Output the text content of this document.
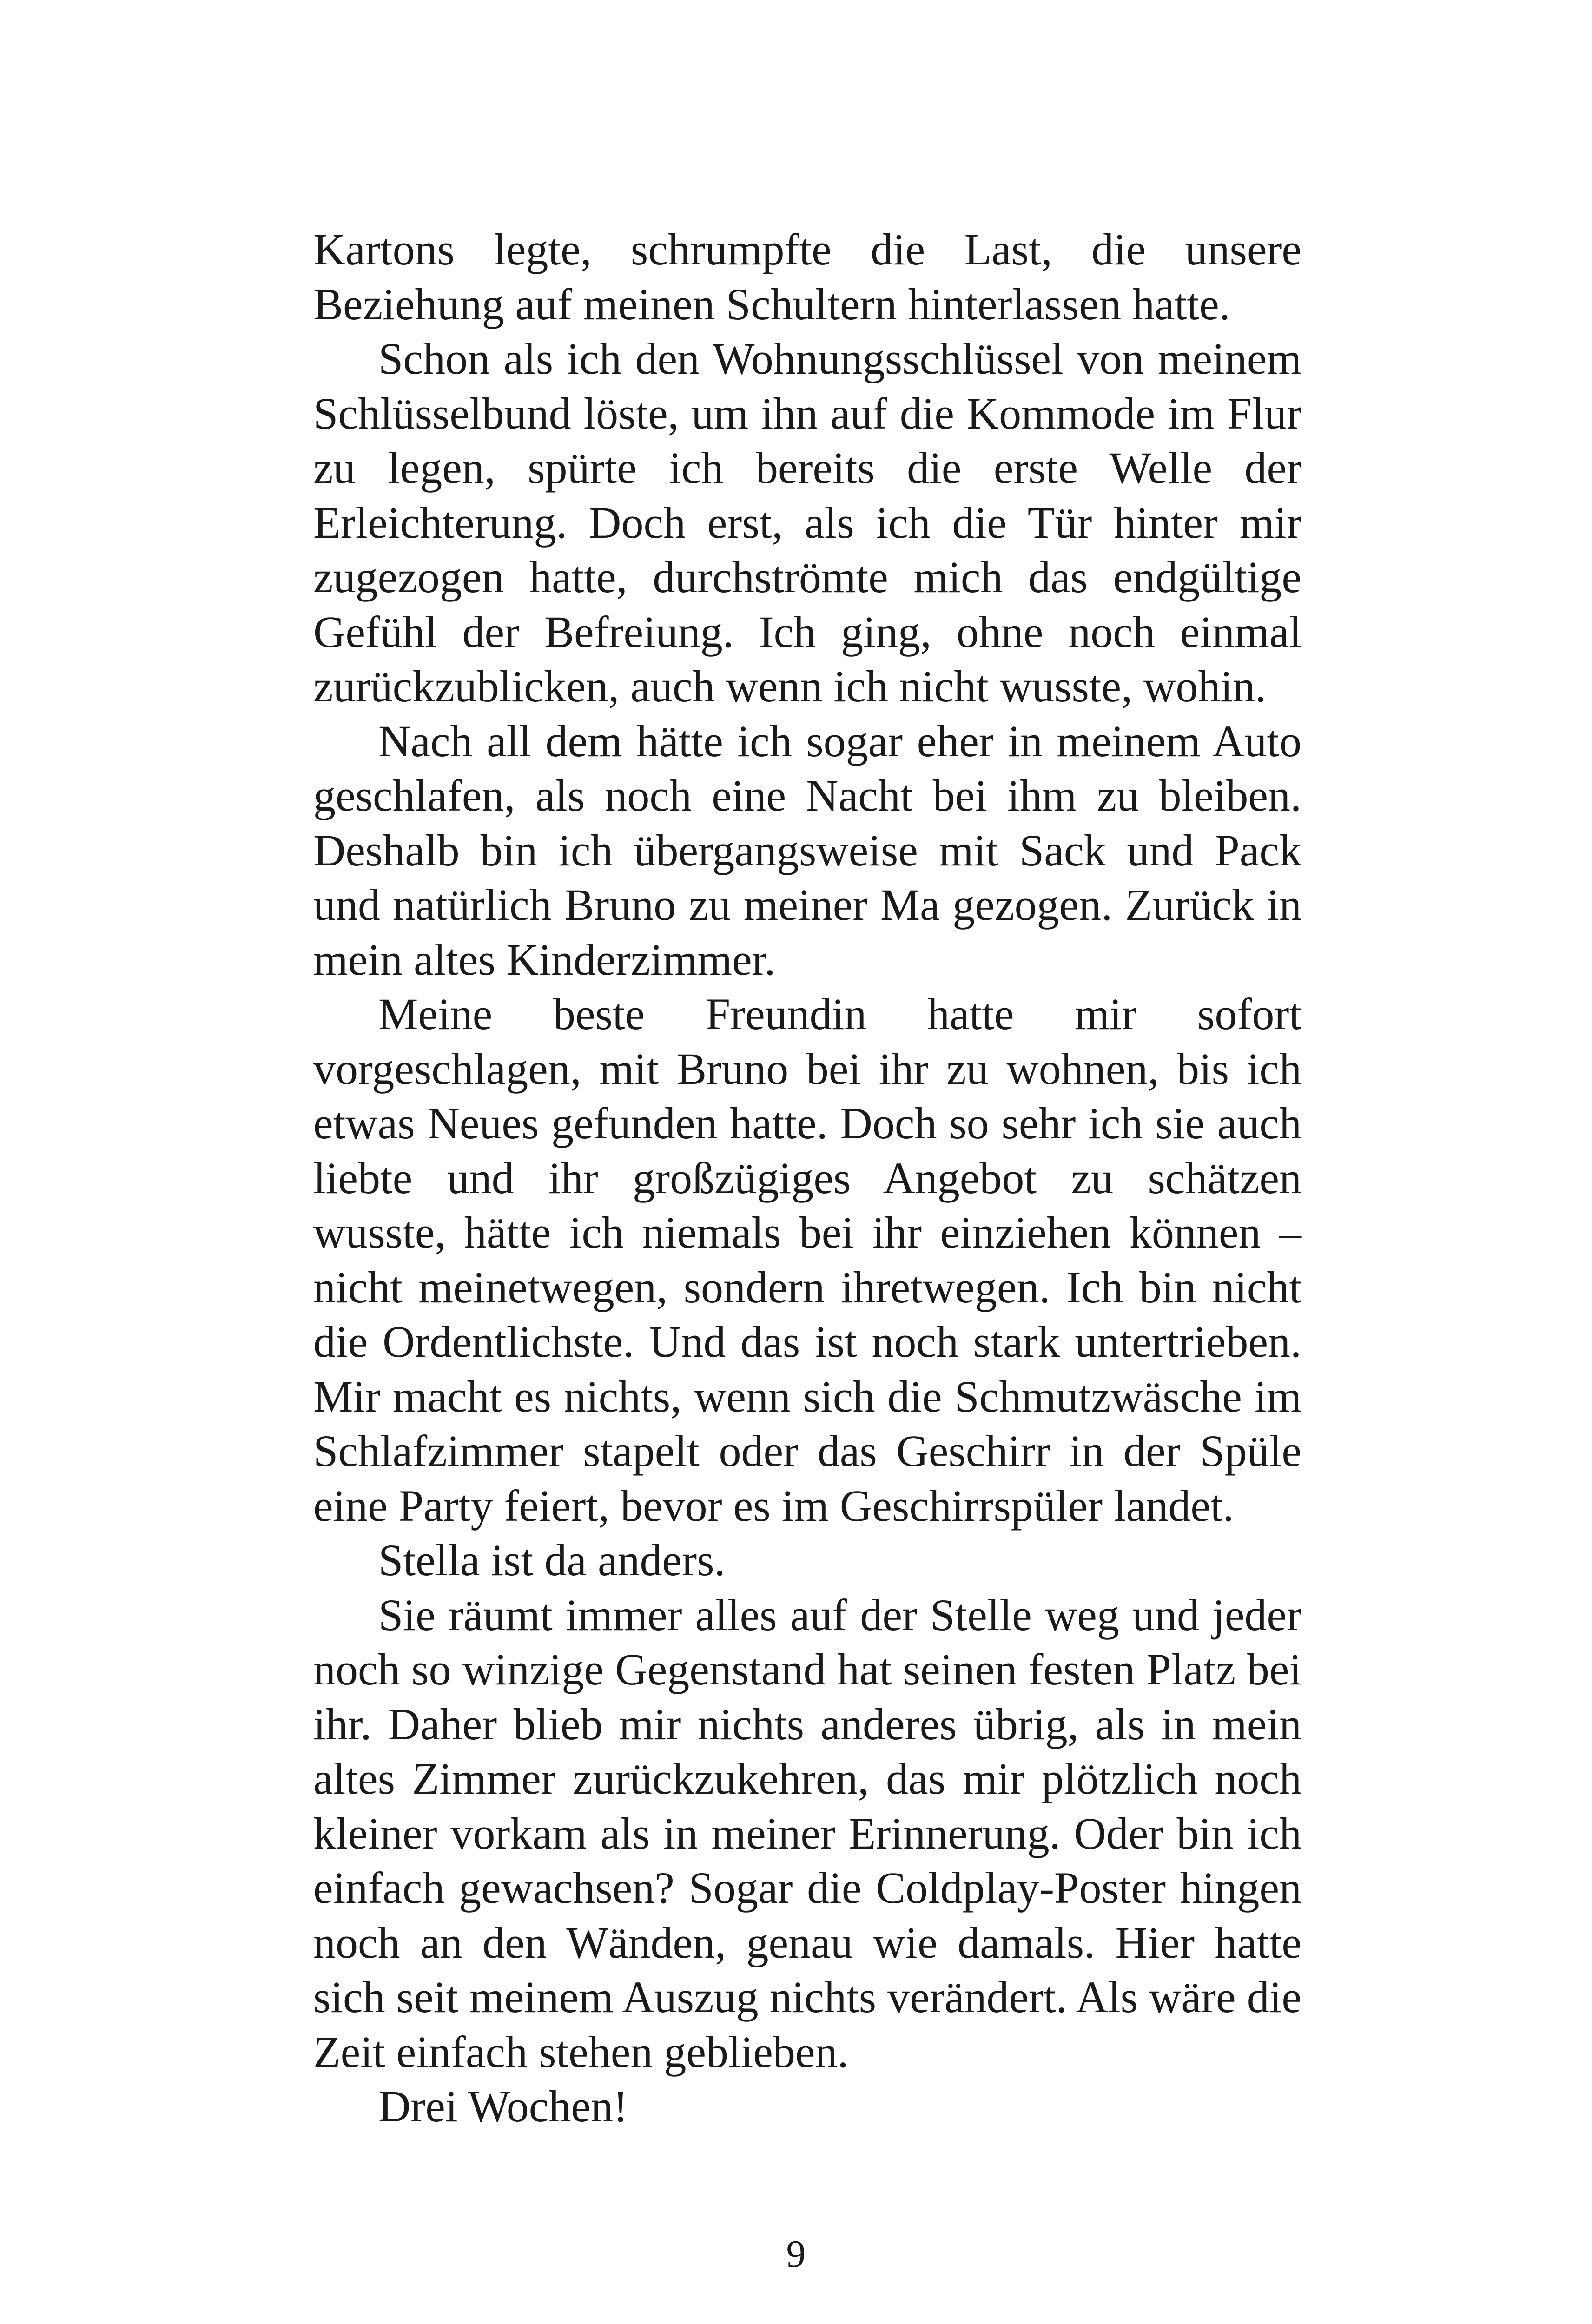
Kartons legte, schrumpfte die Last, die unsere Beziehung auf meinen Schultern hinterlassen hatte.

Schon als ich den Wohnungsschlüssel von meinem Schlüsselbund löste, um ihn auf die Kommode im Flur zu legen, spürte ich bereits die erste Welle der Erleichterung. Doch erst, als ich die Tür hinter mir zugezogen hatte, durchströmte mich das endgültige Gefühl der Befreiung. Ich ging, ohne noch einmal zurückzublicken, auch wenn ich nicht wusste, wohin.

Nach all dem hätte ich sogar eher in meinem Auto geschlafen, als noch eine Nacht bei ihm zu bleiben. Deshalb bin ich übergangsweise mit Sack und Pack und natürlich Bruno zu meiner Ma gezogen. Zurück in mein altes Kinderzimmer.

Meine beste Freundin hatte mir sofort vorgeschlagen, mit Bruno bei ihr zu wohnen, bis ich etwas Neues gefunden hatte. Doch so sehr ich sie auch liebte und ihr großzügiges Angebot zu schätzen wusste, hätte ich niemals bei ihr einziehen können – nicht meinetwegen, sondern ihretwegen. Ich bin nicht die Ordentlichste. Und das ist noch stark untertrieben. Mir macht es nichts, wenn sich die Schmutzwäsche im Schlafzimmer stapelt oder das Geschirr in der Spüle eine Party feiert, bevor es im Geschirrspüler landet.

Stella ist da anders.

Sie räumt immer alles auf der Stelle weg und jeder noch so winzige Gegenstand hat seinen festen Platz bei ihr. Daher blieb mir nichts anderes übrig, als in mein altes Zimmer zurückzukehren, das mir plötzlich noch kleiner vorkam als in meiner Erinnerung. Oder bin ich einfach gewachsen? Sogar die Coldplay-Poster hingen noch an den Wänden, genau wie damals. Hier hatte sich seit meinem Auszug nichts verändert. Als wäre die Zeit einfach stehen geblieben.

Drei Wochen!

9
